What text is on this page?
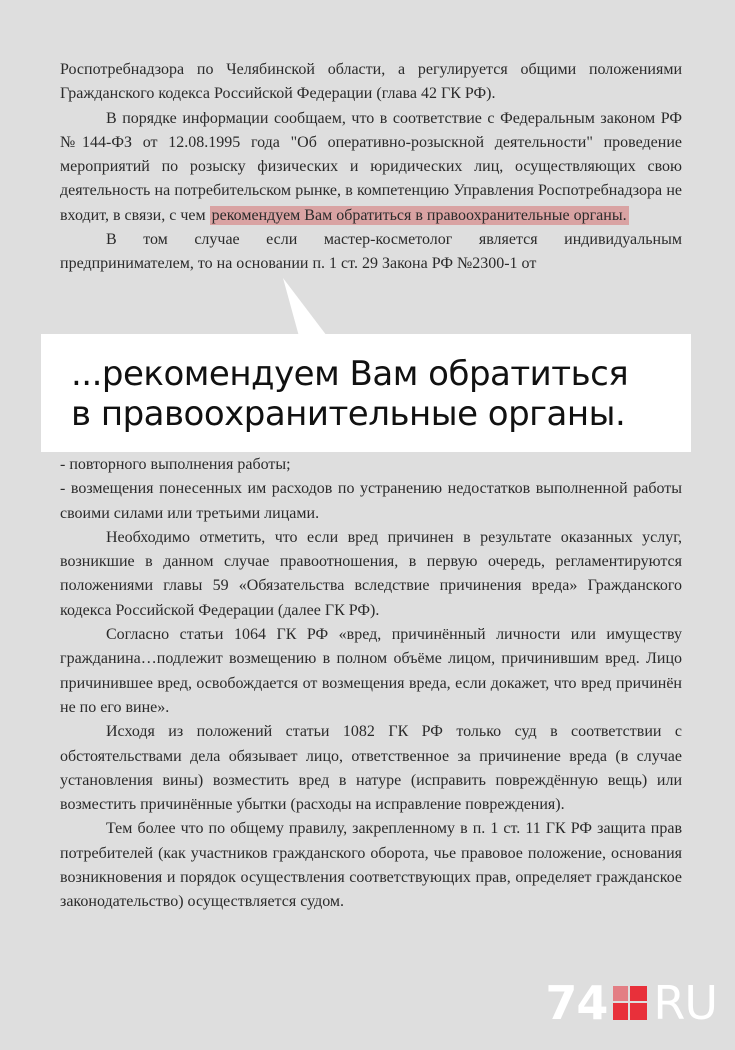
Роспотребнадзора по Челябинской области, а регулируется общими положениями Гражданского кодекса Российской Федерации (глава 42 ГК РФ).

В порядке информации сообщаем, что в соответствие с Федеральным законом РФ №144-ФЗ от 12.08.1995 года "Об оперативно-розыскной деятельности" проведение мероприятий по розыску физических и юридических лиц, осуществляющих свою деятельность на потребительском рынке, в компетенцию Управления Роспотребнадзора не входит, в связи, с чем рекомендуем Вам обратиться в правоохранительные органы.

В том случае если мастер-косметолог является индивидуальным предпринимателем, то на основании п. 1 ст. 29 Закона РФ №2300-1 от

- повторного выполнения работы;

- возмещения понесенных им расходов по устранению недостатков выполненной работы своими силами или третьими лицами.

Необходимо отметить, что если вред причинен в результате оказанных услуг, возникшие в данном случае правоотношения, в первую очередь, регламентируются положениями главы 59 «Обязательства вследствие причинения вреда» Гражданского кодекса Российской Федерации (далее ГК РФ).

Согласно статьи 1064 ГК РФ «вред, причинённый личности или имуществу гражданина…подлежит возмещению в полном объёме лицом, причинившим вред. Лицо причинившее вред, освобождается от возмещения вреда, если докажет, что вред причинён не по его вине».

Исходя из положений статьи 1082 ГК РФ только суд в соответствии с обстоятельствами дела обязывает лицо, ответственное за причинение вреда (в случае установления вины) возместить вред в натуре (исправить повреждённую вещь) или возместить причинённые убытки (расходы на исправление повреждения).

Тем более что по общему правилу, закрепленному в п. 1 ст. 11 ГК РФ защита прав потребителей (как участников гражданского оборота, чье правовое положение, основания возникновения и порядок осуществления соответствующих прав, определяет гражданское законодательство) осуществляется судом.

...рекомендуем Вам обратиться
в правоохранительные органы.
74 RU
